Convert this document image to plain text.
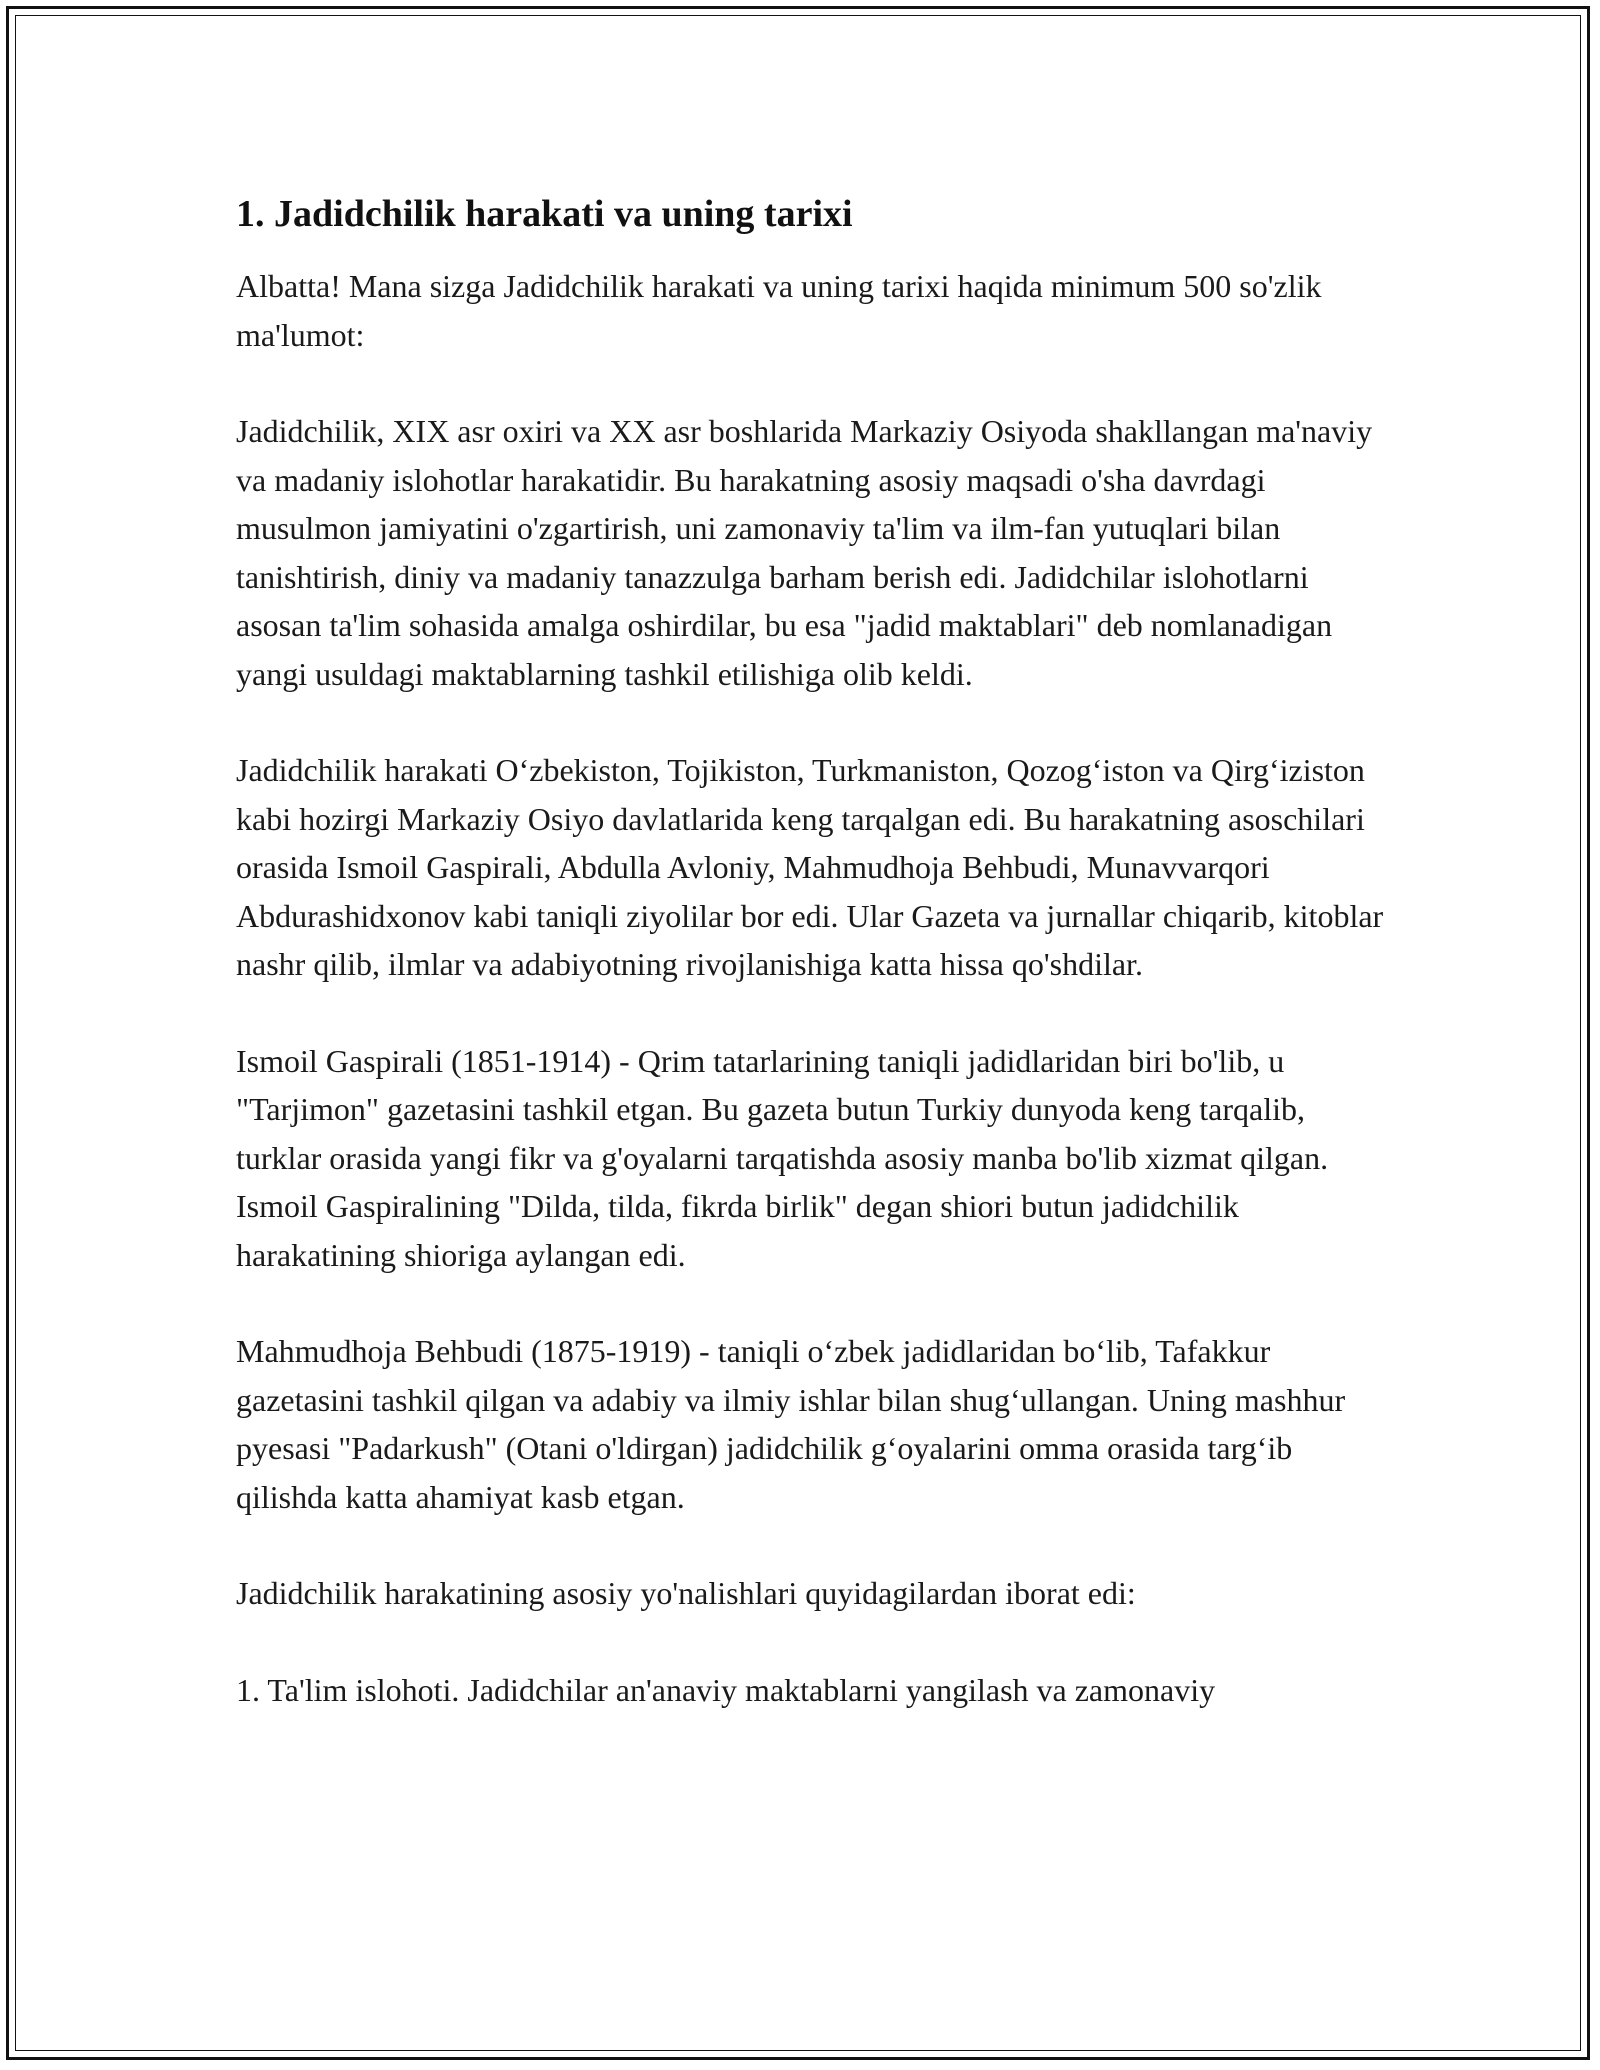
1. Jadidchilik harakati va uning tarixi

Albatta! Mana sizga Jadidchilik harakati va uning tarixi haqida minimum 500 so'zlik ma'lumot:

Jadidchilik, XIX asr oxiri va XX asr boshlarida Markaziy Osiyoda shakllangan ma'naviy va madaniy islohotlar harakatidir. Bu harakatning asosiy maqsadi o'sha davrdagi musulmon jamiyatini o'zgartirish, uni zamonaviy ta'lim va ilm-fan yutuqlari bilan tanishtirish, diniy va madaniy tanazzulga barham berish edi. Jadidchilar islohotlarni asosan ta'lim sohasida amalga oshirdilar, bu esa "jadid maktablari" deb nomlanadigan yangi usuldagi maktablarning tashkil etilishiga olib keldi.

Jadidchilik harakati O‘zbekiston, Tojikiston, Turkmaniston, Qozog‘iston va Qirg‘iziston kabi hozirgi Markaziy Osiyo davlatlarida keng tarqalgan edi. Bu harakatning asoschilari orasida Ismoil Gaspirali, Abdulla Avloniy, Mahmudhoja Behbudi, Munavvarqori Abdurashidxonov kabi taniqli ziyolilar bor edi. Ular Gazeta va jurnallar chiqarib, kitoblar nashr qilib, ilmlar va adabiyotning rivojlanishiga katta hissa qo'shdilar.

Ismoil Gaspirali (1851-1914) - Qrim tatarlarining taniqli jadidlaridan biri bo'lib, u "Tarjimon" gazetasini tashkil etgan. Bu gazeta butun Turkiy dunyoda keng tarqalib, turklar orasida yangi fikr va g'oyalarni tarqatishda asosiy manba bo'lib xizmat qilgan. Ismoil Gaspiralining "Dilda, tilda, fikrda birlik" degan shiori butun jadidchilik harakatining shioriga aylangan edi.

Mahmudhoja Behbudi (1875-1919) - taniqli o‘zbek jadidlaridan bo‘lib, Tafakkur gazetasini tashkil qilgan va adabiy va ilmiy ishlar bilan shug‘ullangan. Uning mashhur pyesasi "Padarkush" (Otani o'ldirgan) jadidchilik g‘oyalarini omma orasida targ‘ib qilishda katta ahamiyat kasb etgan.

Jadidchilik harakatining asosiy yo'nalishlari quyidagilardan iborat edi:

1. Ta'lim islohoti. Jadidchilar an'anaviy maktablarni yangilash va zamonaviy
